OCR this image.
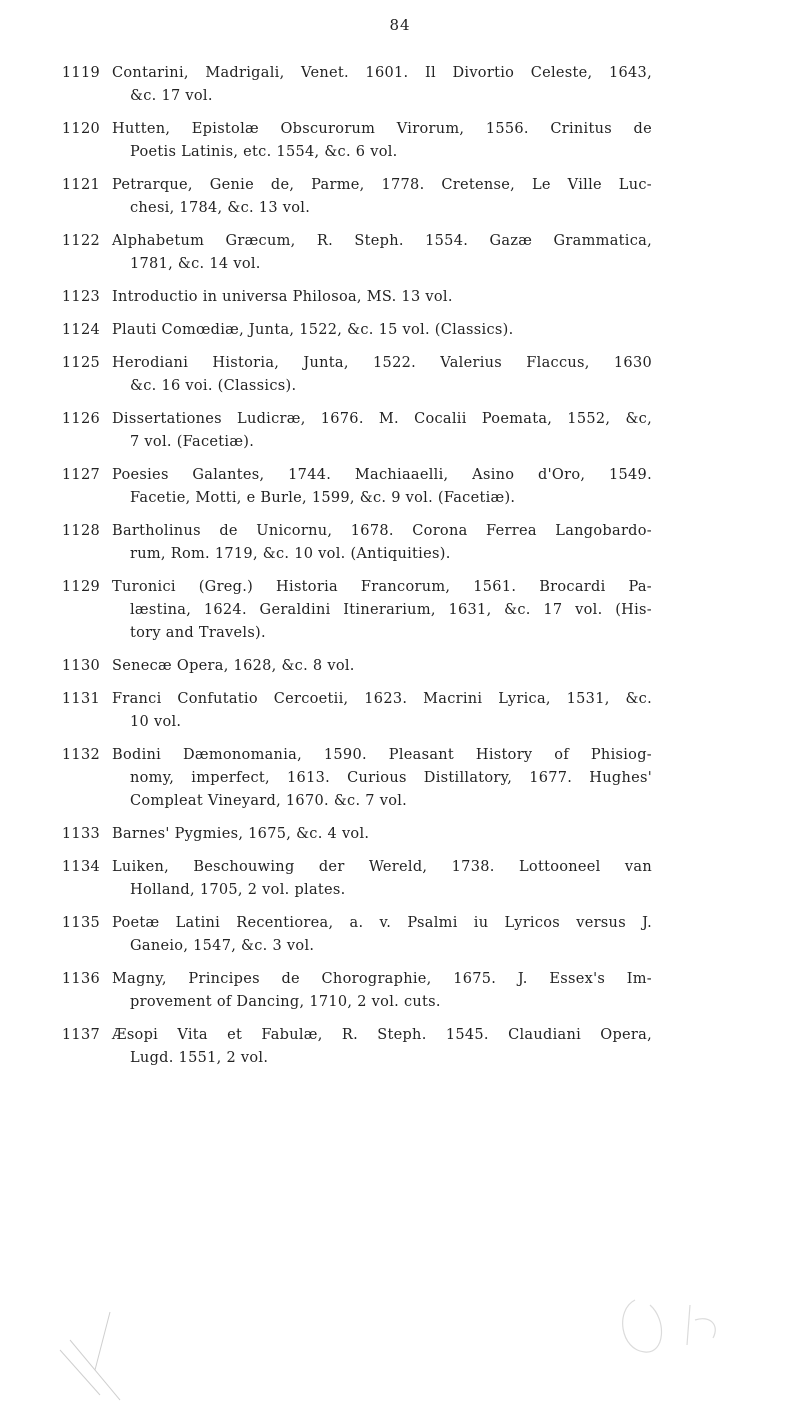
84
1119 Contarini, Madrigali, Venet. 1601. Il Divortio Celeste, 1643,
&c. 17 vol.
1120 Hutten, Epistolæ Obscurorum Virorum, 1556. Crinitus de
Poetis Latinis, etc. 1554, &c. 6 vol.
1121 Petrarque, Genie de, Parme, 1778. Cretense, Le Ville Luc-
chesi, 1784, &c. 13 vol.
1122 Alphabetum Græcum, R. Steph. 1554. Gazæ Grammatica,
1781, &c. 14 vol.
1123 Introductio in universa Philosoa, MS. 13 vol.
1124 Plauti Comœdiæ, Junta, 1522, &c. 15 vol. (Classics).
1125 Herodiani Historia, Junta, 1522. Valerius Flaccus, 1630
&c. 16 voi. (Classics).
1126 Dissertationes Ludicræ, 1676. M. Cocalii Poemata, 1552, &c,
7 vol. (Facetiæ).
1127 Poesies Galantes, 1744. Machiaaelli, Asino d'Oro, 1549.
Facetie, Motti, e Burle, 1599, &c. 9 vol. (Facetiæ).
1128 Bartholinus de Unicornu, 1678. Corona Ferrea Langobardo-
rum, Rom. 1719, &c. 10 vol. (Antiquities).
1129 Turonici (Greg.) Historia Francorum, 1561. Brocardi Pa-
læstina, 1624. Geraldini Itinerarium, 1631, &c. 17 vol. (His-
tory and Travels).
1130 Senecæ Opera, 1628, &c. 8 vol.
1131 Franci Confutatio Cercoetii, 1623. Macrini Lyrica, 1531, &c.
10 vol.
1132 Bodini Dæmonomania, 1590. Pleasant History of Phisiog-
nomy, imperfect, 1613. Curious Distillatory, 1677. Hughes'
Compleat Vineyard, 1670. &c. 7 vol.
1133 Barnes' Pygmies, 1675, &c. 4 vol.
1134 Luiken, Beschouwing der Wereld, 1738. Lottooneel van
Holland, 1705, 2 vol. plates.
1135 Poetæ Latini Recentiorea, a. v. Psalmi iu Lyricos versus J.
Ganeio, 1547, &c. 3 vol.
1136 Magny, Principes de Chorographie, 1675. J. Essex's Im-
provement of Dancing, 1710, 2 vol. cuts.
1137 Æsopi Vita et Fabulæ, R. Steph. 1545. Claudiani Opera,
Lugd. 1551, 2 vol.
